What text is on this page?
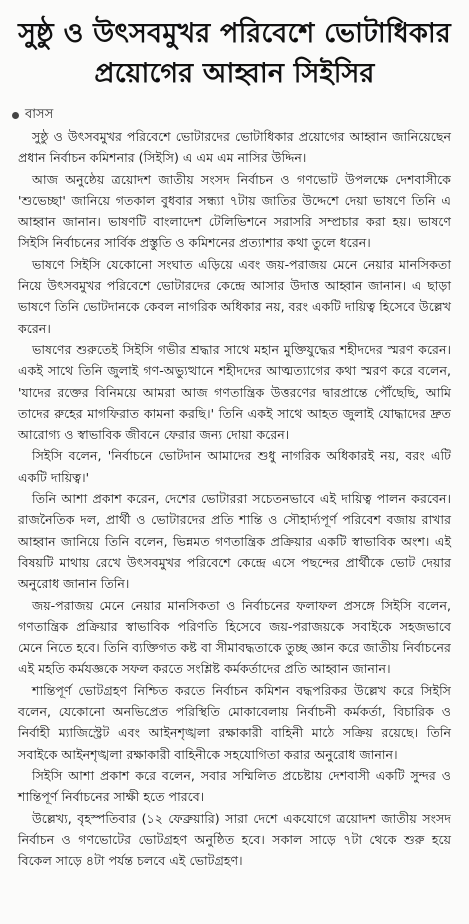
সুষ্ঠু ও উৎসবমুখর পরিবেশে ভোটাধিকার
প্রয়োগের আহ্বান সিইসির
বাসস

সুষ্ঠু ও উৎসবমুখর পরিবেশে ভোটারদের ভোটাধিকার প্রয়োগের আহ্বান জানিয়েছেন প্রধান নির্বাচন কমিশনার (সিইসি) এ এম এম নাসির উদ্দিন।

আজ অনুষ্ঠেয় ত্রয়োদশ জাতীয় সংসদ নির্বাচন ও গণভোট উপলক্ষে দেশবাসীকে 'শুভেচ্ছা' জানিয়ে গতকাল বুধবার সন্ধ্যা ৭টায় জাতির উদ্দেশে দেয়া ভাষণে তিনি এ আহ্বান জানান। ভাষণটি বাংলাদেশ টেলিভিশনে সরাসরি সম্প্রচার করা হয়। ভাষণে সিইসি নির্বাচনের সার্বিক প্রস্তুতি ও কমিশনের প্রত্যাশার কথা তুলে ধরেন।

ভাষণে সিইসি যেকোনো সংঘাত এড়িয়ে এবং জয়-পরাজয় মেনে নেয়ার মানসিকতা নিয়ে উৎসবমুখর পরিবেশে ভোটারদের কেন্দ্রে আসার উদাত্ত আহ্বান জানান। এ ছাড়া ভাষণে তিনি ভোটদানকে কেবল নাগরিক অধিকার নয়, বরং একটি দায়িত্ব হিসেবে উল্লেখ করেন।

ভাষণের শুরুতেই সিইসি গভীর শ্রদ্ধার সাথে মহান মুক্তিযুদ্ধের শহীদদের স্মরণ করেন। একই সাথে তিনি জুলাই গণ-অভ্যুত্থানে শহীদদের আত্মত্যাগের কথা স্মরণ করে বলেন, 'যাদের রক্তের বিনিময়ে আমরা আজ গণতান্ত্রিক উত্তরণের দ্বারপ্রান্তে পৌঁছেছি, আমি তাদের রুহের মাগফিরাত কামনা করছি।' তিনি একই সাথে আহত জুলাই যোদ্ধাদের দ্রুত আরোগ্য ও স্বাভাবিক জীবনে ফেরার জন্য দোয়া করেন।

সিইসি বলেন, 'নির্বাচনে ভোটদান আমাদের শুধু নাগরিক অধিকারই নয়, বরং এটি একটি দায়িত্ব।'

তিনি আশা প্রকাশ করেন, দেশের ভোটাররা সচেতনভাবে এই দায়িত্ব পালন করবেন। রাজনৈতিক দল, প্রার্থী ও ভোটারদের প্রতি শান্তি ও সৌহার্দ্যপূর্ণ পরিবেশ বজায় রাখার আহ্বান জানিয়ে তিনি বলেন, ভিন্নমত গণতান্ত্রিক প্রক্রিয়ার একটি স্বাভাবিক অংশ। এই বিষয়টি মাথায় রেখে উৎসবমুখর পরিবেশে কেন্দ্রে এসে পছন্দের প্রার্থীকে ভোট দেয়ার অনুরোধ জানান তিনি।

জয়-পরাজয় মেনে নেয়ার মানসিকতা ও নির্বাচনের ফলাফল প্রসঙ্গে সিইসি বলেন, গণতান্ত্রিক প্রক্রিয়ার স্বাভাবিক পরিণতি হিসেবে জয়-পরাজয়কে সবাইকে সহজভাবে মেনে নিতে হবে। তিনি ব্যক্তিগত কষ্ট বা সীমাবদ্ধতাকে তুচ্ছ জ্ঞান করে জাতীয় নির্বাচনের এই মহতি কর্মযজ্ঞকে সফল করতে সংশ্লিষ্ট কর্মকর্তাদের প্রতি আহ্বান জানান।

শান্তিপূর্ণ ভোটগ্রহণ নিশ্চিত করতে নির্বাচন কমিশন বদ্ধপরিকর উল্লেখ করে সিইসি বলেন, যেকোনো অনভিপ্রেত পরিস্থিতি মোকাবেলায় নির্বাচনী কর্মকর্তা, বিচারিক ও নির্বাহী ম্যাজিস্ট্রেট এবং আইনশৃঙ্খলা রক্ষাকারী বাহিনী মাঠে সক্রিয় রয়েছে। তিনি সবাইকে আইনশৃঙ্খলা রক্ষাকারী বাহিনীকে সহযোগিতা করার অনুরোধ জানান।

সিইসি আশা প্রকাশ করে বলেন, সবার সম্মিলিত প্রচেষ্টায় দেশবাসী একটি সুন্দর ও শান্তিপূর্ণ নির্বাচনের সাক্ষী হতে পারবে।

উল্লেখ্য, বৃহস্পতিবার (১২ ফেব্রুয়ারি) সারা দেশে একযোগে ত্রয়োদশ জাতীয় সংসদ নির্বাচন ও গণভোটের ভোটগ্রহণ অনুষ্ঠিত হবে। সকাল সাড়ে ৭টা থেকে শুরু হয়ে বিকেল সাড়ে ৪টা পর্যন্ত চলবে এই ভোটগ্রহণ।
